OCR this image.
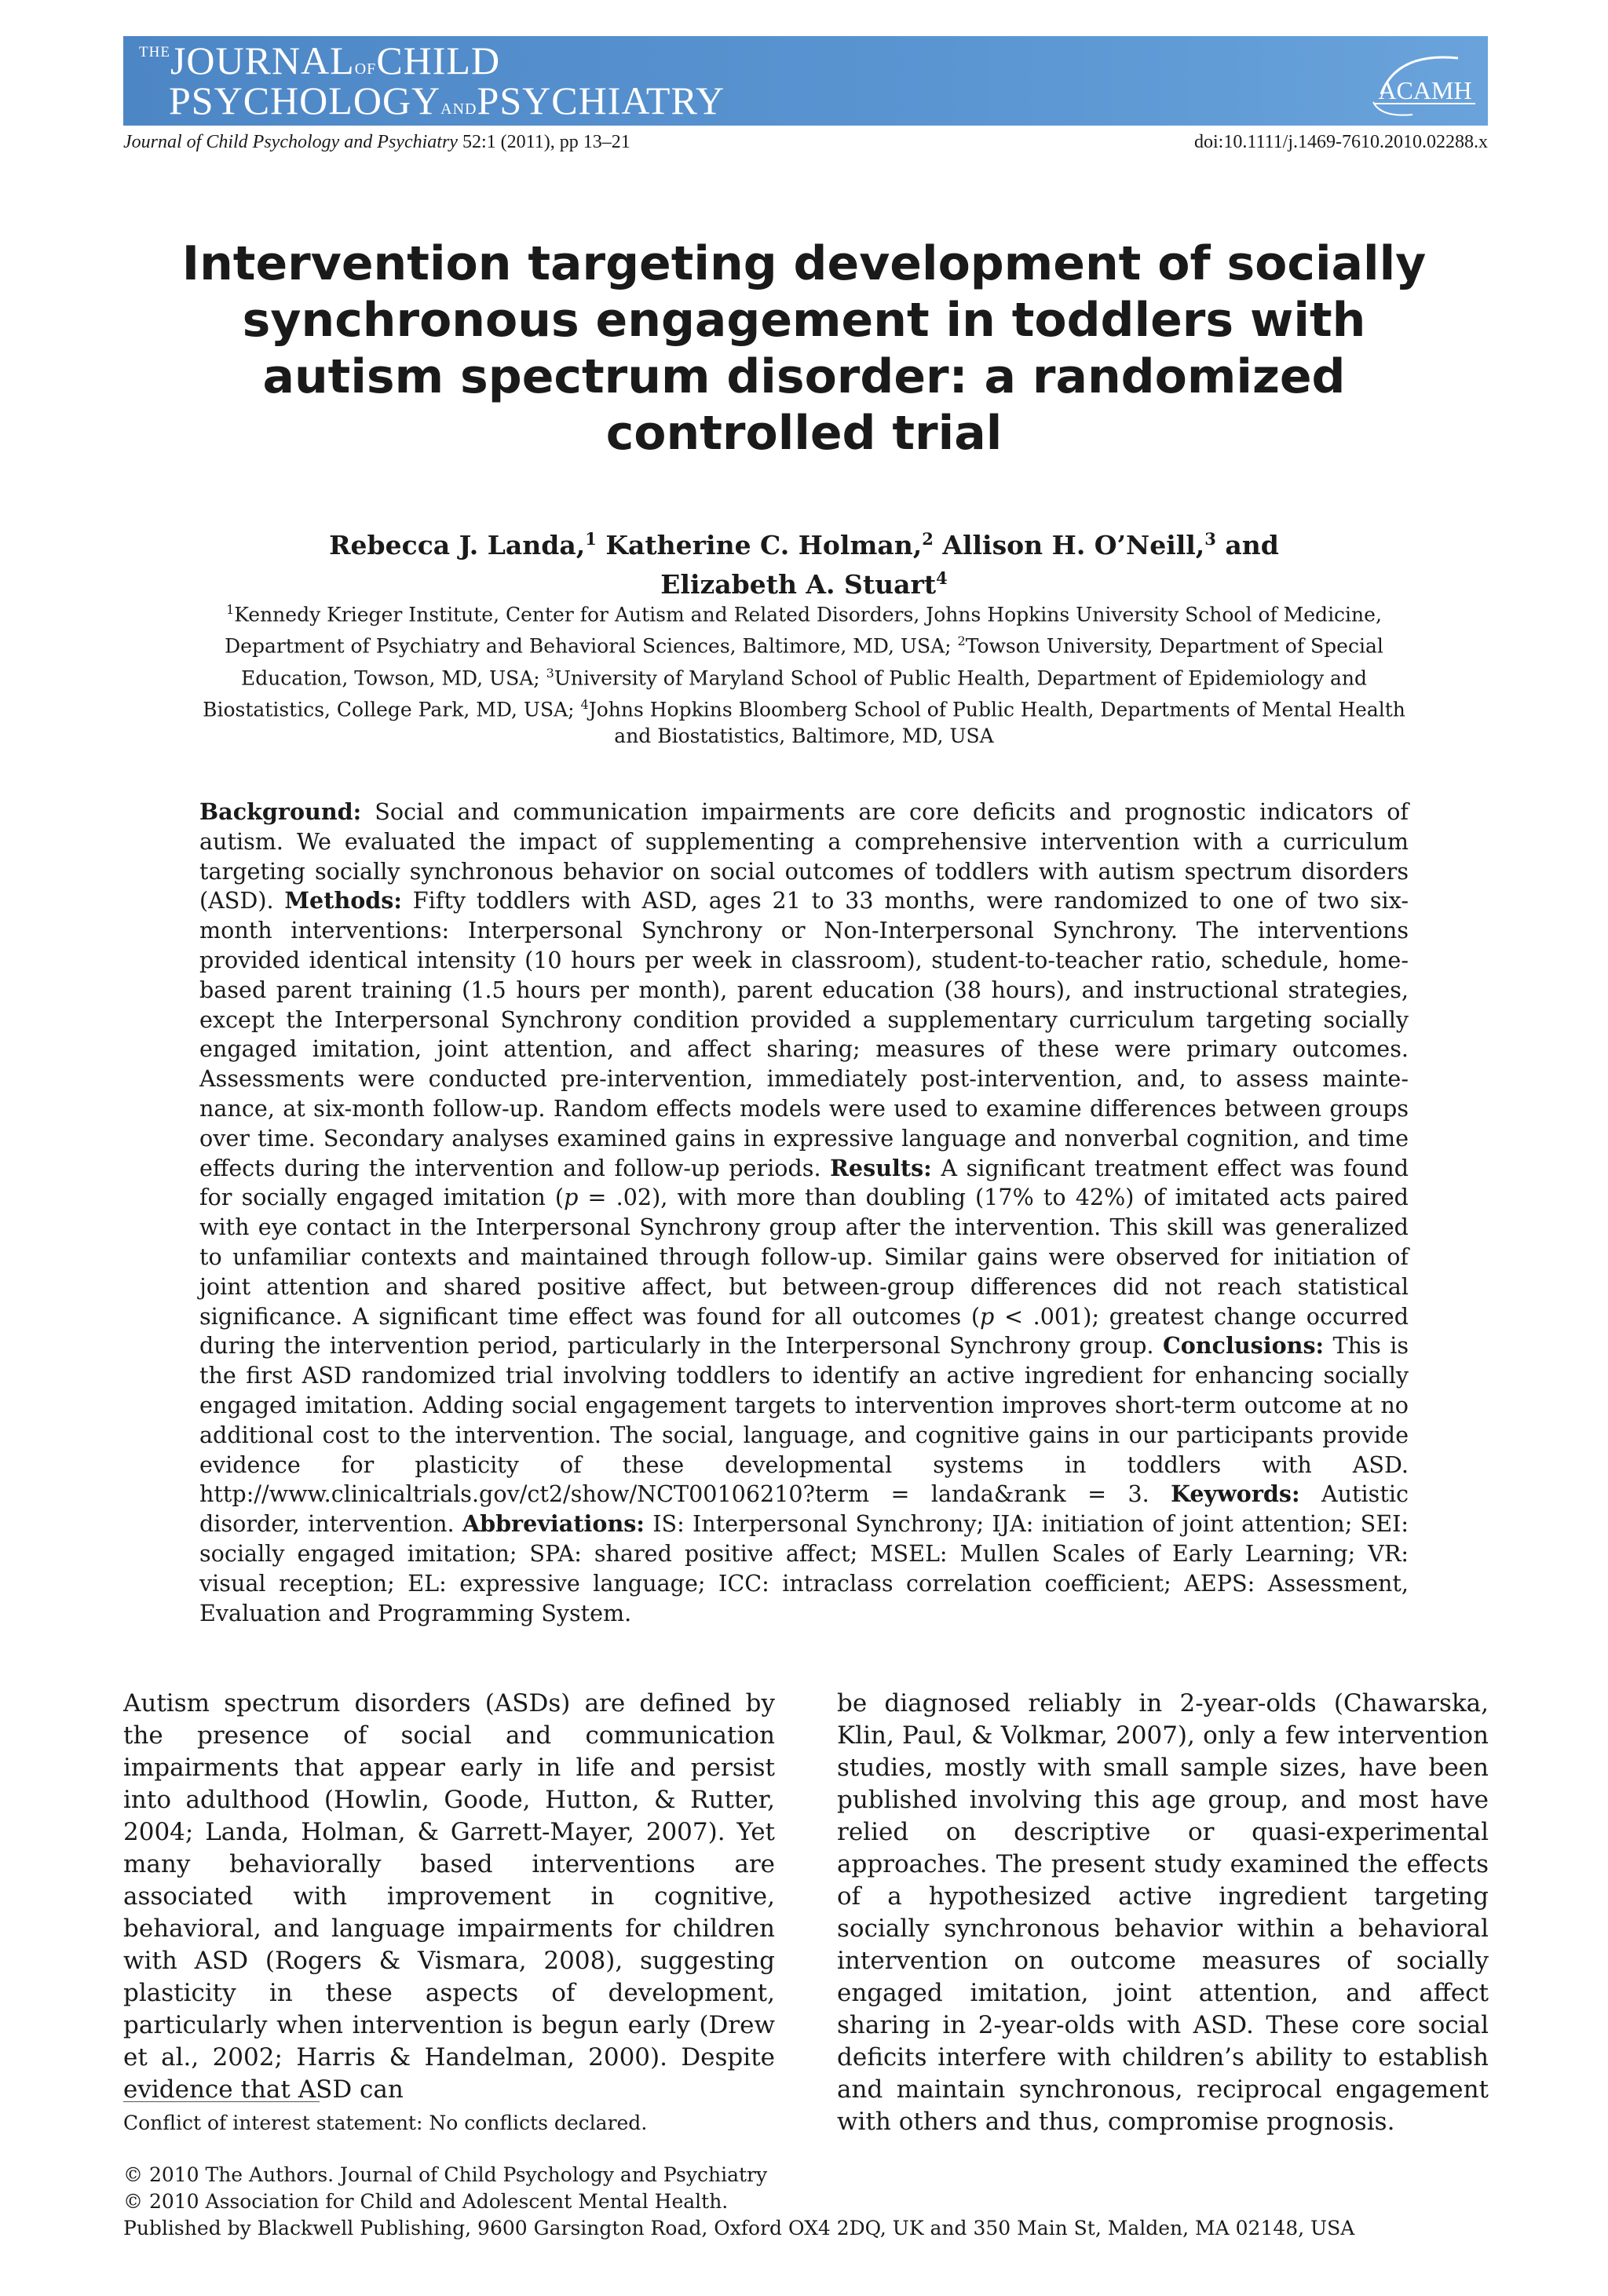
THEJOURNALOFCHILD
PSYCHOLOGYANDPSYCHIATRY	ACAMH
Journal of Child Psychology and Psychiatry 52:1 (2011), pp 13–21	doi:10.1111/j.1469-7610.2010.02288.x
Intervention targeting development of socially
synchronous engagement in toddlers with
autism spectrum disorder: a randomized
controlled trial
Rebecca J. Landa,$^1$ Katherine C. Holman,$^2$ Allison H. O’Neill,$^3$ and
Elizabeth A. Stuart$^4$
$^1$Kennedy Krieger Institute, Center for Autism and Related Disorders, Johns Hopkins University School of Medicine, Department of Psychiatry and Behavioral Sciences, Baltimore, MD, USA; $^2$Towson University, Department of Special Education, Towson, MD, USA; $^3$University of Maryland School of Public Health, Department of Epidemiology and Biostatistics, College Park, MD, USA; $^4$Johns Hopkins Bloomberg School of Public Health, Departments of Mental Health and Biostatistics, Baltimore, MD, USA
Background: Social and communication impairments are core deficits and prognostic indicators of autism. We evaluated the impact of supplementing a comprehensive intervention with a curriculum targeting socially synchronous behavior on social outcomes of toddlers with autism spectrum disorders (ASD). Methods: Fifty toddlers with ASD, ages 21 to 33 months, were randomized to one of two six-month interventions: Interpersonal Synchrony or Non-Interpersonal Synchrony. The interventions provided identical intensity (10 hours per week in classroom), student-to-teacher ratio, schedule, home-based parent training (1.5 hours per month), parent education (38 hours), and instructional strategies, except the Interpersonal Synchrony condition provided a supplementary curriculum targeting socially engaged imitation, joint attention, and affect sharing; measures of these were primary outcomes. Assessments were conducted pre-intervention, immediately post-intervention, and, to assess maintenance, at six-month follow-up. Random effects models were used to examine differences between groups over time. Secondary analyses examined gains in expressive language and nonverbal cognition, and time effects during the intervention and follow-up periods. Results: A significant treatment effect was found for socially engaged imitation (p = .02), with more than doubling (17% to 42%) of imitated acts paired with eye contact in the Interpersonal Synchrony group after the intervention. This skill was generalized to unfamiliar contexts and maintained through follow-up. Similar gains were observed for initiation of joint attention and shared positive affect, but between-group differences did not reach statistical significance. A significant time effect was found for all outcomes (p < .001); greatest change occurred during the intervention period, particularly in the Interpersonal Synchrony group. Conclusions: This is the first ASD randomized trial involving toddlers to identify an active ingredient for enhancing socially engaged imitation. Adding social engagement targets to intervention improves short-term outcome at no additional cost to the intervention. The social, language, and cognitive gains in our participants provide evidence for plasticity of these developmental systems in toddlers with ASD. http://www.clinicaltrials.gov/ct2/show/NCT00106210?term = landa&rank = 3. Keywords: Autistic disorder, intervention. Abbreviations: IS: Interpersonal Synchrony; IJA: initiation of joint attention; SEI: socially engaged imitation; SPA: shared positive affect; MSEL: Mullen Scales of Early Learning; VR: visual reception; EL: expressive language; ICC: intraclass correlation coefficient; AEPS: Assessment, Evaluation and Programming System.
Autism spectrum disorders (ASDs) are defined by the presence of social and communication impairments that appear early in life and persist into adulthood (Howlin, Goode, Hutton, & Rutter, 2004; Landa, Holman, & Garrett-Mayer, 2007). Yet many behaviorally based interventions are associated with improvement in cognitive, behavioral, and language impairments for children with ASD (Rogers & Vismara, 2008), suggesting plasticity in these aspects of development, particularly when intervention is begun early (Drew et al., 2002; Harris & Handelman, 2000). Despite evidence that ASD can
be diagnosed reliably in 2-year-olds (Chawarska, Klin, Paul, & Volkmar, 2007), only a few intervention studies, mostly with small sample sizes, have been published involving this age group, and most have relied on descriptive or quasi-experimental approaches. The present study examined the effects of a hypothesized active ingredient targeting socially synchronous behavior within a behavioral intervention on outcome measures of socially engaged imitation, joint attention, and affect sharing in 2-year-olds with ASD. These core social deficits interfere with children’s ability to establish and maintain synchronous, reciprocal engagement with others and thus, compromise prognosis.
Conflict of interest statement: No conflicts declared.
© 2010 The Authors. Journal of Child Psychology and Psychiatry
© 2010 Association for Child and Adolescent Mental Health.
Published by Blackwell Publishing, 9600 Garsington Road, Oxford OX4 2DQ, UK and 350 Main St, Malden, MA 02148, USA
